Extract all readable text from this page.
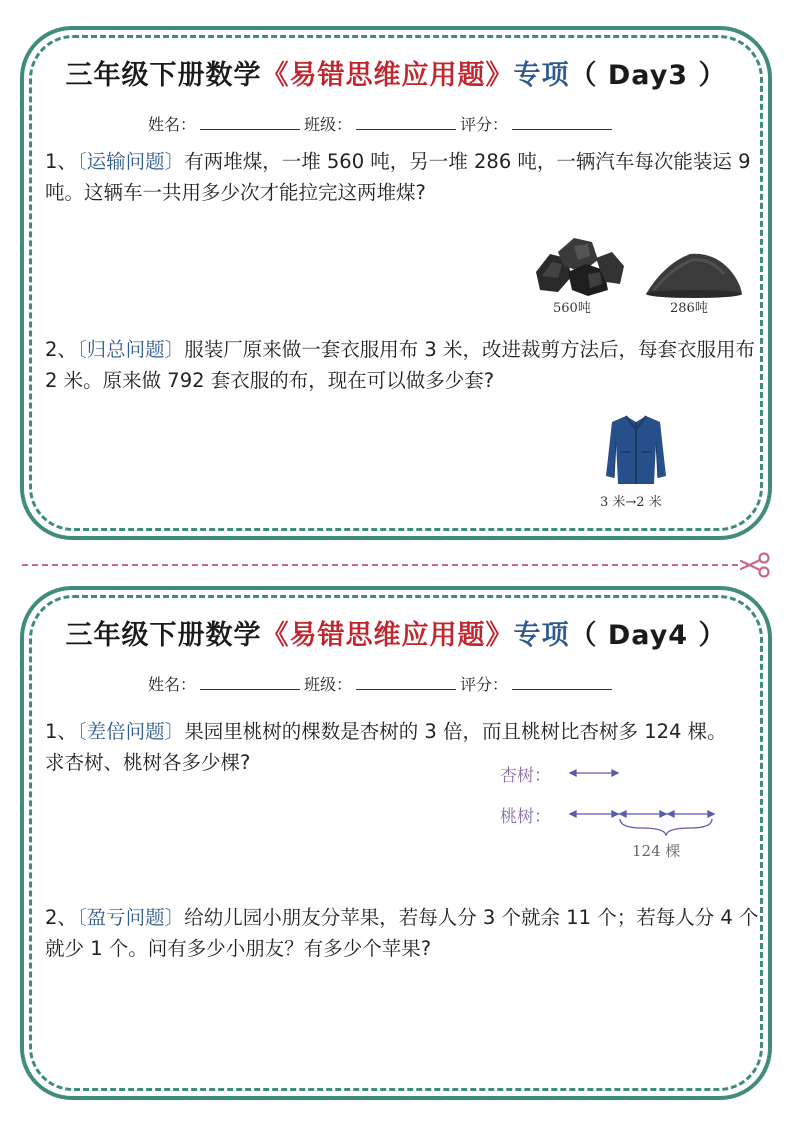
三年级下册数学《易错思维应用题》专项（ Day3 ）
姓名：	班级：	评分：
1、〔运输问题〕有两堆煤，一堆 560 吨，另一堆 286 吨，一辆汽车每次能装运 9 吨。这辆车一共用多少次才能拉完这两堆煤?
560吨	286吨
2、〔归总问题〕服装厂原来做一套衣服用布 3 米，改进裁剪方法后，每套衣服用布 2 米。原来做 792 套衣服的布，现在可以做多少套?
3 米→2 米
三年级下册数学《易错思维应用题》专项（ Day4 ）
姓名：	班级：	评分：
1、〔差倍问题〕果园里桃树的棵数是杏树的 3 倍，而且桃树比杏树多 124 棵。求杏树、桃树各多少棵?
杏树：
桃树：
124 棵
2、〔盈亏问题〕给幼儿园小朋友分苹果，若每人分 3 个就余 11 个；若每人分 4 个就少 1 个。问有多少小朋友？有多少个苹果?
